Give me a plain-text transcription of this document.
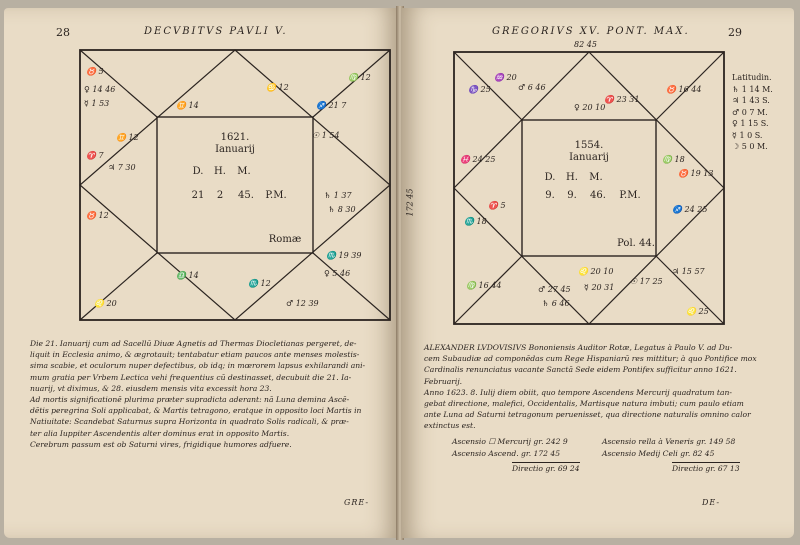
28	DECVBITVS PAVLI V.
♉ 5
♀ 14 46
☿ 1 53
♈ 7
♃ 7 30
♉ 12
♊ 14
♋ 12
☉ 1 54
♐ 21 7
♄ 1 37
♄ 8 30
♏ 19 39
♀ 5 46
♎ 14
♏ 12
♂ 12 39
♌ 20
♍ 12
♊ 12	1621.
Ianuarij
D. H. M.
21 2 45. P.M.
Romæ

Die 21. Ianuarij cum ad Sacellū Diuæ Agnetis ad Thermas Diocletianas pergeret, de-

liquit in Ecclesia animo, & ægrotauit; tentabatur etiam paucos ante menses molestis-

sima scabie, et oculorum nuper defectibus, ob idq; in mœrorem lapsus exhilarandi ani-

mum gratia per Vrbem Lectica vehi frequentius cū destinasset, decubuit die 21. Ia-

nuarij, vt diximus, & 28. eiusdem mensis vita excessit hora 23.

Ad mortis significationē plurima præter supradicta aderant: nā Luna demina Ascē-

dētis peregrina Soli applicabat, & Martis tetragono, eratque in opposito loci Martis in

Natiuitate: Scandebat Saturnus supra Horizonta in quadrato Solis radicali, & præ-

ter alia Iuppiter Ascendentis alter dominus erat in opposito Martis.

Cerebrum passum est ob Saturni vires, frigidique humores adfuere.

GRE-
GREGORIVS XV. PONT. MAX.	29
82 45
172 45
♑ 25
♒ 20
♂ 6 46
♈ 23 31
♀ 20 10
♉ 16 44
♓ 24 25	♍ 18
♉ 19 13
♏ 18
♈ 5	♐ 24 25
♍ 16 44
♌ 20 10
☿ 20 31
♂ 27 45
♄ 6 46
☉ 17 25
♃ 15 57
♌ 25
1554.
Ianuarij
D. H. M.
9. 9. 46. P.M.
Pol. 44.
Latitudin.
♄ 1 14 M.
♃ 1 43 S.
♂ 0 7 M.
♀ 1 15 S.
☿ 1 0 S.
☽ 5 0 M.

ALEXANDER LVDOVISIVS Bononiensis Auditor Rotæ, Legatus à Paulo V. ad Du-

cem Subaudiæ ad componēdas cum Rege Hispaniarū res mittitur; à quo Pontifice mox

Cardinalis renunciatus vacante Sanctā Sede eidem Pontifex sufficitur anno 1621.

Februarij.

Anno 1623. 8. Iulij diem obiit, quo tempore Ascendens Mercurij quadratum tan-

gebat directione, malefici, Occidentalis, Martisque natura imbuti; cum paulo etiam

ante Luna ad Saturni tetragonum peruenisset, qua directione naturalis omnino calor

extinctus est.

Ascensio ☐ Mercurij gr. 242 9	Ascensio rella à Veneris gr. 149 58
Ascensio Ascend. gr. 172 45	Ascensio Medij Celi gr. 82 45
Directio gr. 69 24	Directio gr. 67 13
DE-
